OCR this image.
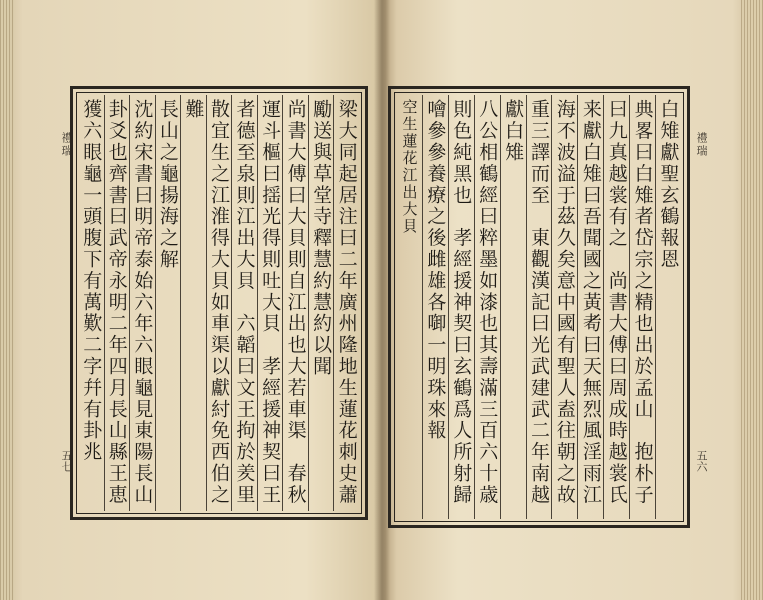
禮瑞
五七	梁大同起居注曰二年廣州隆地生蓮花刺史蕭
勵送與草堂寺釋慧約慧約以聞
尚書大傅曰大貝則自江出也大若車渠　春秋
運斗樞曰揺光得則吐大貝　孝經援神契曰王
者德至泉則江出大貝　六韜曰文王拘於羑里
散宜生之江淮得大貝如車渠以獻紂免西伯之
難
長山之龜揚海之解
沈約宋書曰明帝泰始六年六眼龜見東陽長山
卦爻也齊書曰武帝永明二年四月長山縣王恵
獲六眼龜一頭腹下有萬歎二字幷有卦兆	禮瑞
五六
白雉獻聖玄鶴報恩
典畧曰白雉者岱宗之精也出於孟山　抱朴子
曰九真越裳有之　尚書大傅曰周成時越裳氏
来獻白雉曰吾聞國之黃耇曰天無烈風淫雨江
海不波溢于茲久矣意中國有聖人盍往朝之故
重三譯而至　東觀漢記曰光武建武二年南越
獻白雉
八公相鶴經曰粹墨如漆也其壽滿三百六十歳
則色純黑也　孝經援神契曰玄鶴爲人所射歸
噲參參養療之後雌雄各啣一明珠來報
空生蓮花江出大貝
